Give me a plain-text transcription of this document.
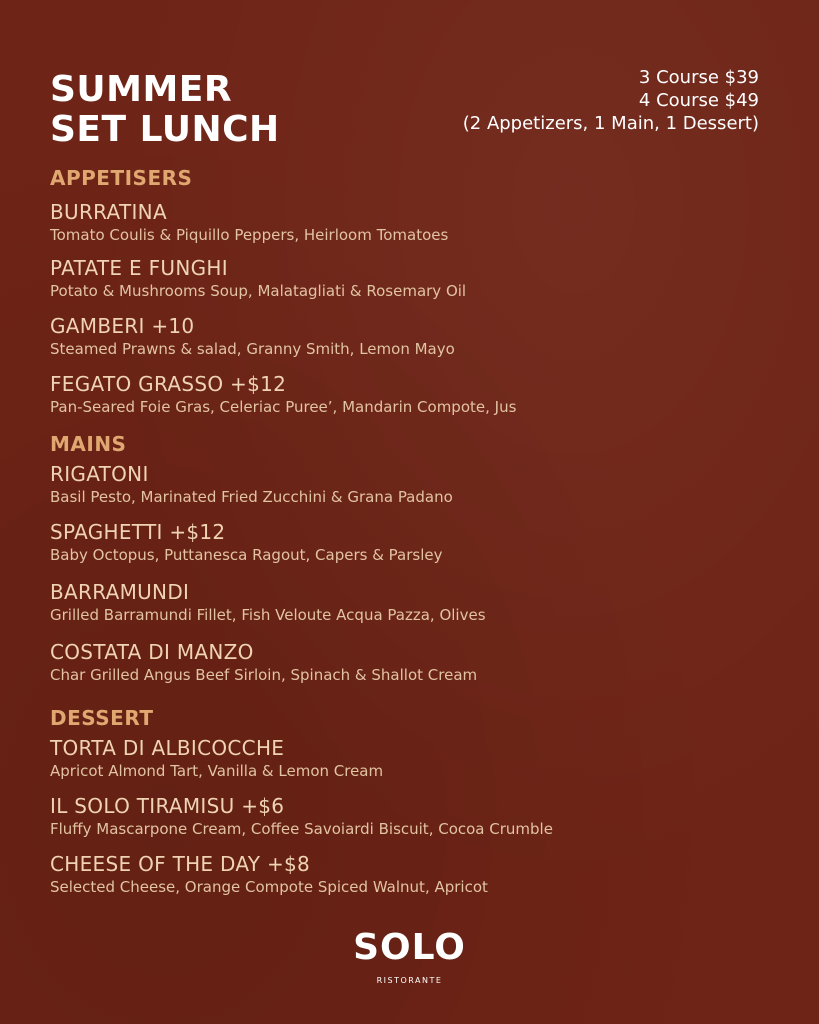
SUMMER
SET LUNCH
3 Course $39
4 Course $49
(2 Appetizers, 1 Main, 1 Dessert)
APPETISERS
BURRATINA
Tomato Coulis & Piquillo Peppers, Heirloom Tomatoes
PATATE E FUNGHI
Potato & Mushrooms Soup, Malatagliati & Rosemary Oil
GAMBERI +10
Steamed Prawns & salad, Granny Smith, Lemon Mayo
FEGATO GRASSO +$12
Pan-Seared Foie Gras, Celeriac Puree’, Mandarin Compote, Jus
MAINS
RIGATONI
Basil Pesto, Marinated Fried Zucchini & Grana Padano
SPAGHETTI +$12
Baby Octopus, Puttanesca Ragout, Capers & Parsley
BARRAMUNDI
Grilled Barramundi Fillet, Fish Veloute Acqua Pazza, Olives
COSTATA DI MANZO
Char Grilled Angus Beef Sirloin, Spinach & Shallot Cream
DESSERT
TORTA DI ALBICOCCHE
Apricot Almond Tart, Vanilla & Lemon Cream
IL SOLO TIRAMISU +$6
Fluffy Mascarpone Cream, Coffee Savoiardi Biscuit, Cocoa Crumble
CHEESE OF THE DAY +$8
Selected Cheese, Orange Compote Spiced Walnut, Apricot
SOLO
RISTORANTE
